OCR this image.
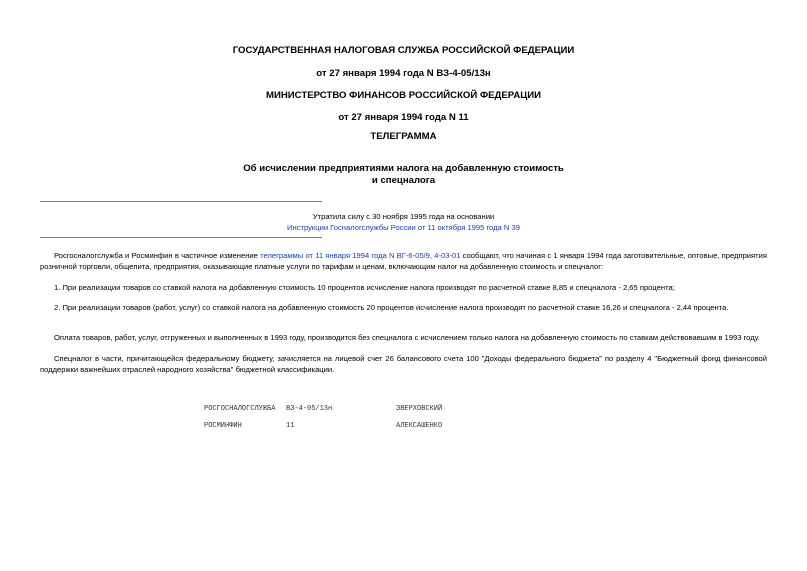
ГОСУДАРСТВЕННАЯ НАЛОГОВАЯ СЛУЖБА РОССИЙСКОЙ ФЕДЕРАЦИИ
от 27 января 1994 года N ВЗ-4-05/13н
МИНИСТЕРСТВО ФИНАНСОВ РОССИЙСКОЙ ФЕДЕРАЦИИ
от 27 января 1994 года N 11
ТЕЛЕГРАММА
Об исчислении предприятиями налога на добавленную стоимость
и спецналога
Утратила силу с 30 ноября 1995 года на основании
Инструкции Госналогслужбы России от 11 октября 1995 года N 39
Росгосналогслужба и Росминфин в частичное изменение телеграммы от 11 января 1994 года N ВГ-6-05/9, 4-03-01 сообщают, что начиная с 1 января 1994 года заготовительные, оптовые, предприятия розничной торговли, общепита, предприятия, оказывающие платные услуги по тарифам и ценам, включающим налог на добавленную стоимость и спецналог:
1. При реализации товаров со ставкой налога на добавленную стоимость 10 процентов исчисление налога производят по расчетной ставке 8,85 и спецналога - 2,65 процента;
2. При реализации товаров (работ, услуг) со ставкой налога на добавленную стоимость 20 процентов исчисление налога производят по расчетной ставке 16,26 и спецналога - 2,44 процента.
Оплата товаров, работ, услуг, отгруженных и выполненных в 1993 году, производится без спецналога с исчислением только налога на добавленную стоимость по ставкам действовавшим в 1993 году.
Спецналог в части, причитающейся федеральному бюджету, зачисляется на лицевой счет 26 балансового счета 100 "Доходы федерального бюджета" по разделу 4 "Бюджетный фонд финансовой поддержки важнейших отраслей народного хозяйства" бюджетной классификации.
РОСГОСНАЛОГСЛУЖБА ВЗ-4-05/13н	ЗВЕРХОВСКИЙ
РОСМИНФИН	11	АЛЕКСАШЕНКО
